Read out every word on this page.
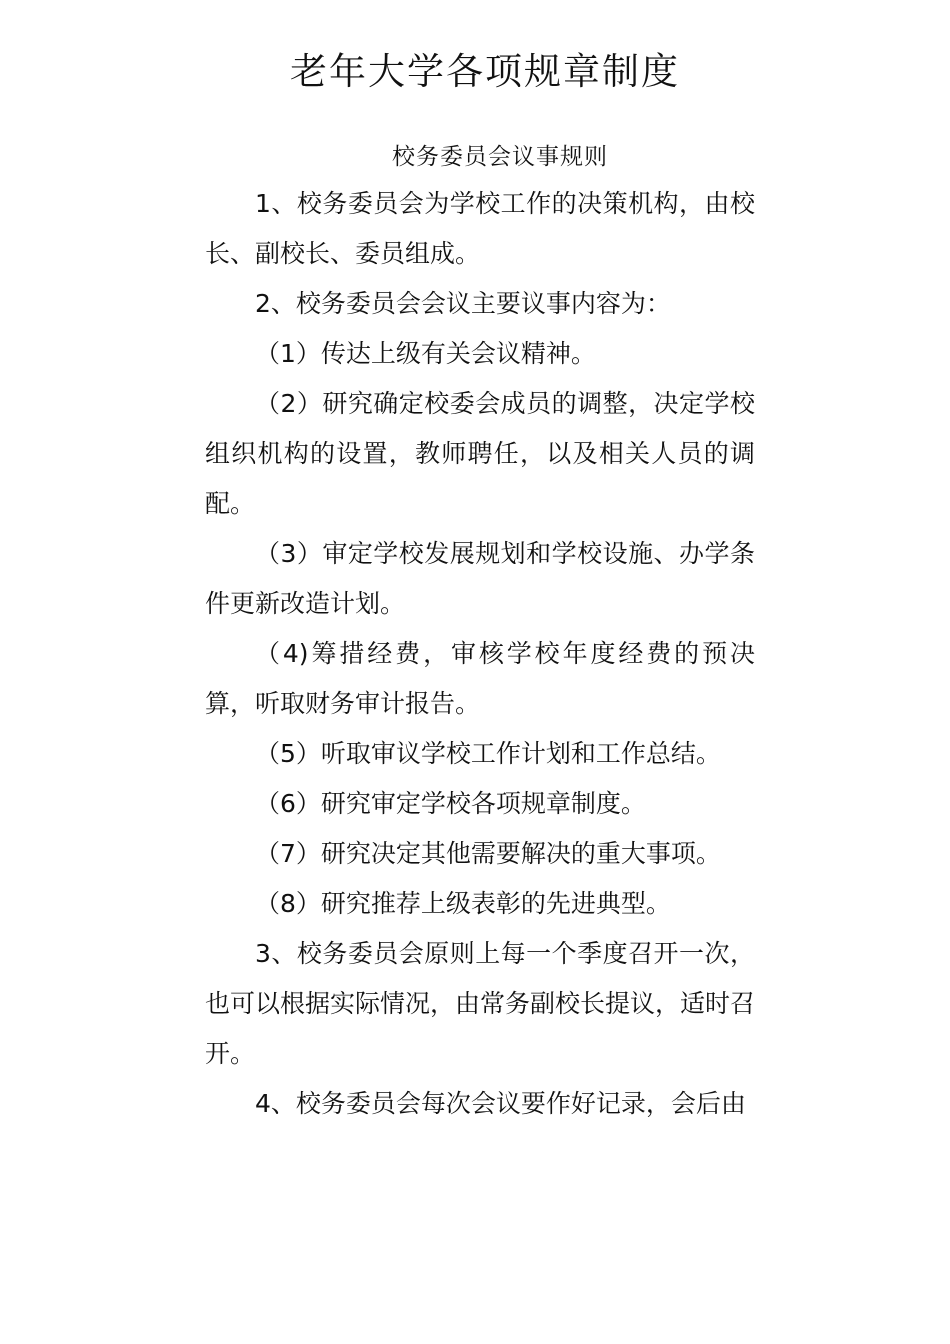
老年大学各项规章制度
校务委员会议事规则

1、校务委员会为学校工作的决策机构，由校长、副校长、委员组成。

2、校务委员会会议主要议事内容为：

（1）传达上级有关会议精神。

（2）研究确定校委会成员的调整，决定学校组织机构的设置，教师聘任，以及相关人员的调配。

（3）审定学校发展规划和学校设施、办学条件更新改造计划。

（4)筹措经费，审核学校年度经费的预决算，听取财务审计报告。

（5）听取审议学校工作计划和工作总结。

（6）研究审定学校各项规章制度。

（7）研究决定其他需要解决的重大事项。

（8）研究推荐上级表彰的先进典型。

3、校务委员会原则上每一个季度召开一次，也可以根据实际情况，由常务副校长提议，适时召开。

4、校务委员会每次会议要作好记录，会后由
